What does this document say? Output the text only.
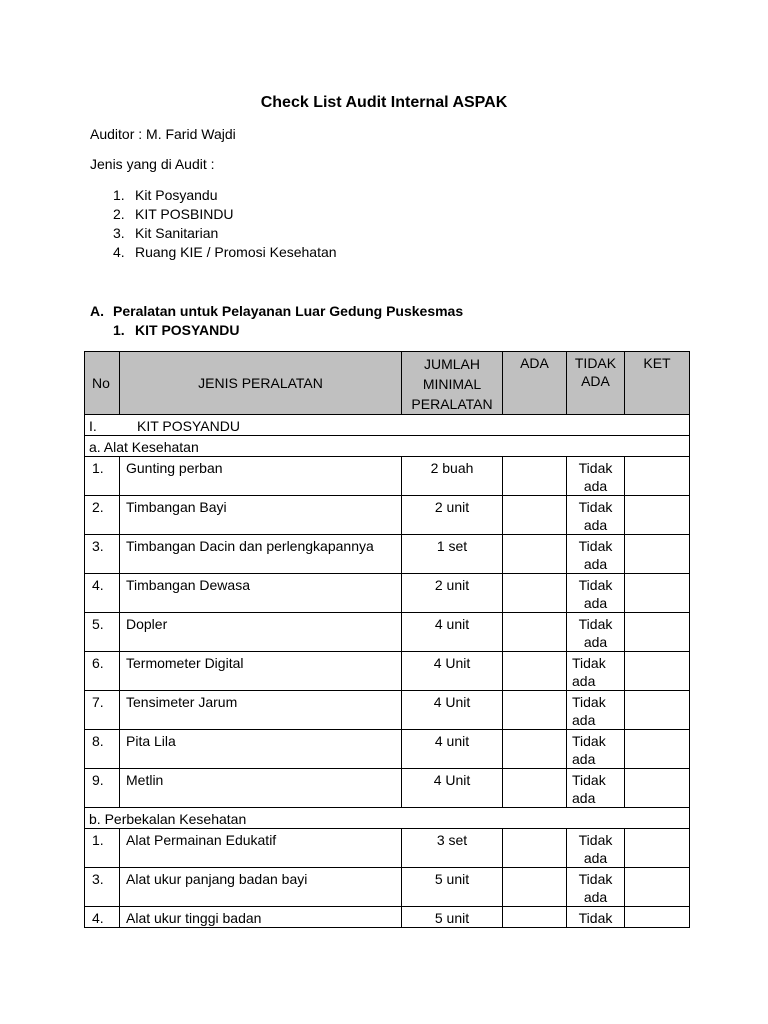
Check List Audit Internal ASPAK
Auditor : M. Farid Wajdi
Jenis yang di Audit :
1. Kit Posyandu
2. KIT POSBINDU
3. Kit Sanitarian
4. Ruang KIE / Promosi Kesehatan
A. Peralatan untuk Pelayanan Luar Gedung Puskesmas
1. KIT POSYANDU
No	JENIS PERALATAN	JUMLAH MINIMAL PERALATAN	ADA	TIDAK ADA	KET
I. KIT POSYANDU					
a. Alat Kesehatan					
1.	Gunting perban	2 buah		Tidak ada	
2.	Timbangan Bayi	2 unit		Tidak ada	
3.	Timbangan Dacin dan perlengkapannya	1 set		Tidak ada	
4.	Timbangan Dewasa	2 unit		Tidak ada	
5.	Dopler	4 unit		Tidak ada	
6.	Termometer Digital	4 Unit		Tidak ada	
7.	Tensimeter Jarum	4 Unit		Tidak ada	
8.	Pita Lila	4 unit		Tidak ada	
9.	Metlin	4 Unit		Tidak ada	
b. Perbekalan Kesehatan					
1.	Alat Permainan Edukatif	3 set		Tidak ada	
3.	Alat ukur panjang badan bayi	5 unit		Tidak ada	
4.	Alat ukur tinggi badan	5 unit		Tidak	
